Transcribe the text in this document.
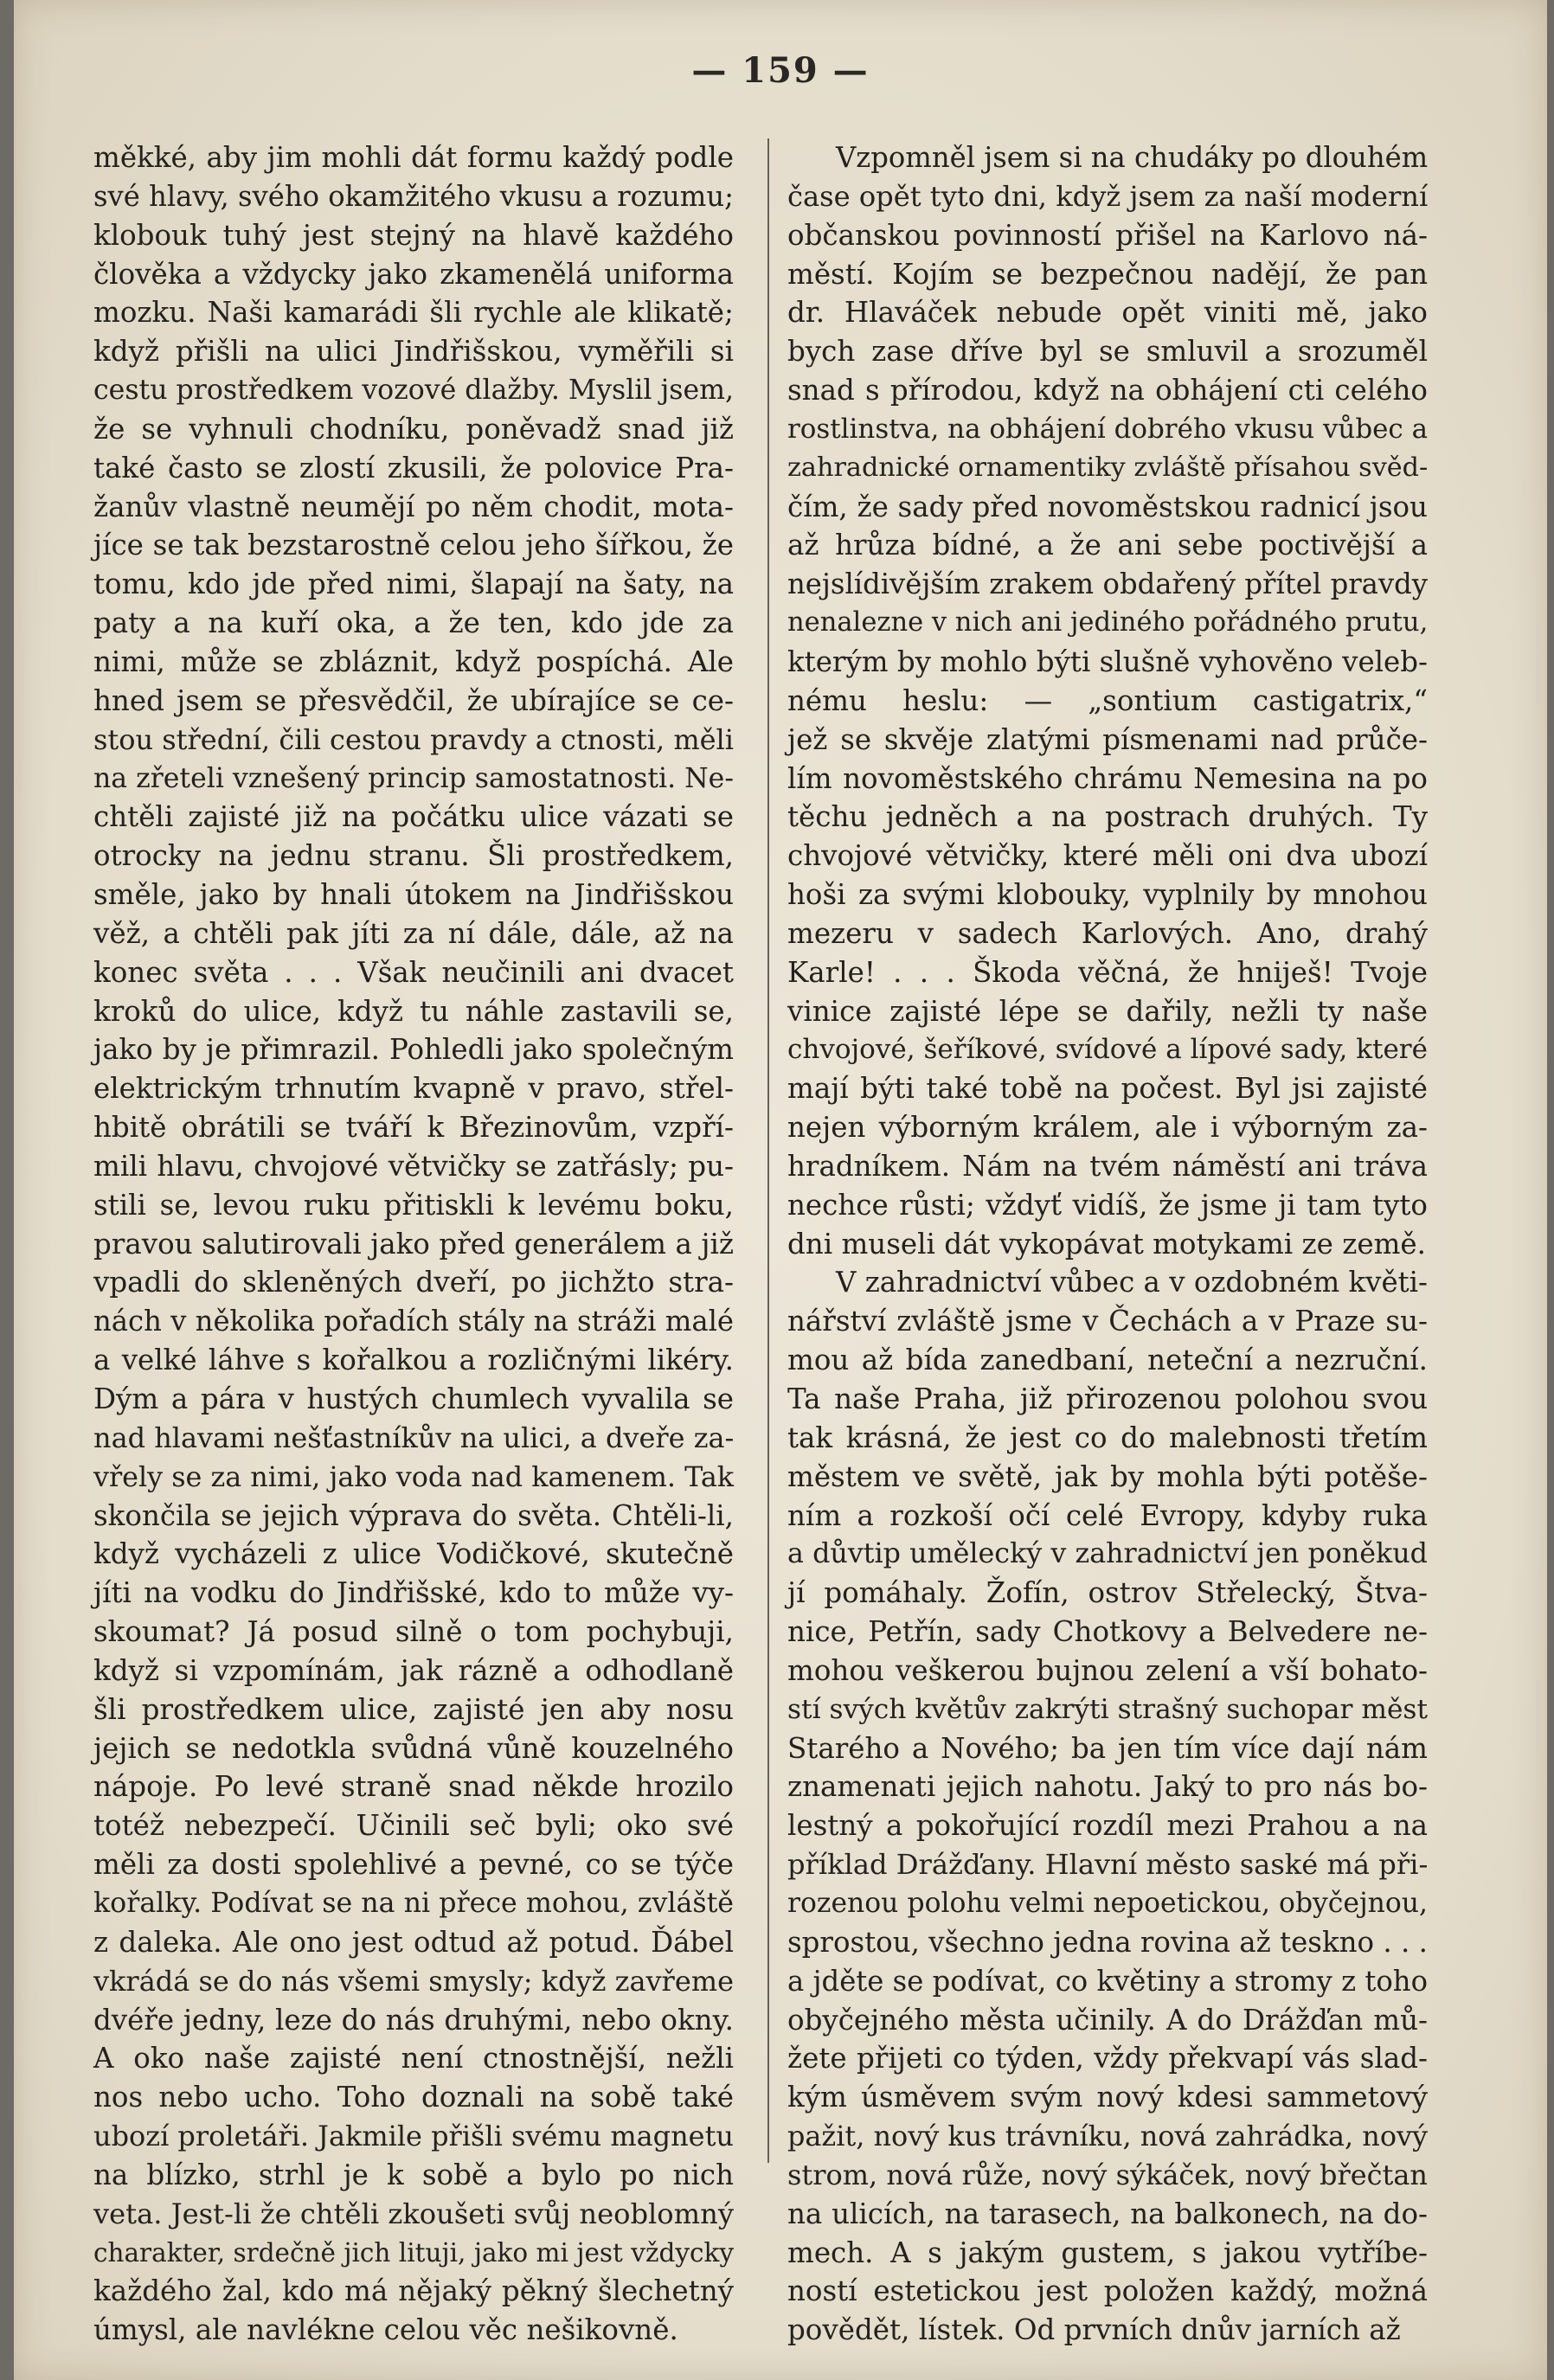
— 159 —
měkké, aby jim mohli dát formu každý podle
své hlavy, svého okamžitého vkusu a rozumu;
klobouk tuhý jest stejný na hlavě každého
člověka a vždycky jako zkamenělá uniforma
mozku. Naši kamarádi šli rychle ale klikatě;
když přišli na ulici Jindřišskou, vyměřili si
cestu prostředkem vozové dlažby. Myslil jsem,
že se vyhnuli chodníku, poněvadž snad již
také často se zlostí zkusili, že polovice Pra-
žanův vlastně neumějí po něm chodit, mota-
jíce se tak bezstarostně celou jeho šířkou, že
tomu, kdo jde před nimi, šlapají na šaty, na
paty a na kuří oka, a že ten, kdo jde za
nimi, může se zbláznit, když pospíchá. Ale
hned jsem se přesvědčil, že ubírajíce se ce-
stou střední, čili cestou pravdy a ctnosti, měli
na zřeteli vznešený princip samostatnosti. Ne-
chtěli zajisté již na počátku ulice vázati se
otrocky na jednu stranu. Šli prostředkem,
směle, jako by hnali útokem na Jindřišskou
věž, a chtěli pak jíti za ní dále, dále, až na
konec světa . . . Však neučinili ani dvacet
kroků do ulice, když tu náhle zastavili se,
jako by je přimrazil. Pohledli jako společným
elektrickým trhnutím kvapně v pravo, střel-
hbitě obrátili se tváří k Březinovům, vzpří-
mili hlavu, chvojové větvičky se zatřásly; pu-
stili se, levou ruku přitiskli k levému boku,
pravou salutirovali jako před generálem a již
vpadli do skleněných dveří, po jichžto stra-
nách v několika pořadích stály na stráži malé
a velké láhve s kořalkou a rozličnými likéry.
Dým a pára v hustých chumlech vyvalila se
nad hlavami nešťastníkův na ulici, a dveře za-
vřely se za nimi, jako voda nad kamenem. Tak
skončila se jejich výprava do světa. Chtěli-li,
když vycházeli z ulice Vodičkové, skutečně
jíti na vodku do Jindřišské, kdo to může vy-
skoumat? Já posud silně o tom pochybuji,
když si vzpomínám, jak rázně a odhodlaně
šli prostředkem ulice, zajisté jen aby nosu
jejich se nedotkla svůdná vůně kouzelného
nápoje. Po levé straně snad někde hrozilo
totéž nebezpečí. Učinili seč byli; oko své
měli za dosti spolehlivé a pevné, co se týče
kořalky. Podívat se na ni přece mohou, zvláště
z daleka. Ale ono jest odtud až potud. Ďábel
vkrádá se do nás všemi smysly; když zavřeme
dvéře jedny, leze do nás druhými, nebo okny.
A oko naše zajisté není ctnostnější, nežli
nos nebo ucho. Toho doznali na sobě také
ubozí proletáři. Jakmile přišli svému magnetu
na blízko, strhl je k sobě a bylo po nich
veta. Jest-li že chtěli zkoušeti svůj neoblomný
charakter, srdečně jich lituji, jako mi jest vždycky
každého žal, kdo má nějaký pěkný šlechetný
úmysl, ale navlékne celou věc nešikovně.
Vzpomněl jsem si na chudáky po dlouhém
čase opět tyto dni, když jsem za naší moderní
občanskou povinností přišel na Karlovo ná-
městí. Kojím se bezpečnou nadějí, že pan
dr. Hlaváček nebude opět viniti mě, jako
bych zase dříve byl se smluvil a srozuměl
snad s přírodou, když na obhájení cti celého
rostlinstva, na obhájení dobrého vkusu vůbec a
zahradnické ornamentiky zvláště přísahou svěd-
čím, že sady před novoměstskou radnicí jsou
až hrůza bídné, a že ani sebe poctivější a
nejslídivějším zrakem obdařený přítel pravdy
nenalezne v nich ani jediného pořádného prutu,
kterým by mohlo býti slušně vyhověno veleb-
nému heslu: — „sontium castigatrix,“
jež se skvěje zlatými písmenami nad průče-
lím novoměstského chrámu Nemesina na po
těchu jedněch a na postrach druhých. Ty
chvojové větvičky, které měli oni dva ubozí
hoši za svými klobouky, vyplnily by mnohou
mezeru v sadech Karlových. Ano, drahý
Karle! . . . Škoda věčná, že hniješ! Tvoje
vinice zajisté lépe se dařily, nežli ty naše
chvojové, šeříkové, svídové a lípové sady, které
mají býti také tobě na počest. Byl jsi zajisté
nejen výborným králem, ale i výborným za-
hradníkem. Nám na tvém náměstí ani tráva
nechce růsti; vždyť vidíš, že jsme ji tam tyto
dni museli dát vykopávat motykami ze země.
V zahradnictví vůbec a v ozdobném květi-
nářství zvláště jsme v Čechách a v Praze su-
mou až bída zanedbaní, neteční a nezruční.
Ta naše Praha, již přirozenou polohou svou
tak krásná, že jest co do malebnosti třetím
městem ve světě, jak by mohla býti potěše-
ním a rozkoší očí celé Evropy, kdyby ruka
a důvtip umělecký v zahradnictví jen poněkud
jí pomáhaly. Žofín, ostrov Střelecký, Štva-
nice, Petřín, sady Chotkovy a Belvedere ne-
mohou veškerou bujnou zelení a vší bohato-
stí svých květův zakrýti strašný suchopar měst
Starého a Nového; ba jen tím více dají nám
znamenati jejich nahotu. Jaký to pro nás bo-
lestný a pokořující rozdíl mezi Prahou a na
příklad Drážďany. Hlavní město saské má při-
rozenou polohu velmi nepoetickou, obyčejnou,
sprostou, všechno jedna rovina až teskno . . .
a jděte se podívat, co květiny a stromy z toho
obyčejného města učinily. A do Drážďan mů-
žete přijeti co týden, vždy překvapí vás slad-
kým úsměvem svým nový kdesi sammetový
pažit, nový kus trávníku, nová zahrádka, nový
strom, nová růže, nový sýkáček, nový břečtan
na ulicích, na tarasech, na balkonech, na do-
mech. A s jakým gustem, s jakou vytříbe-
ností estetickou jest položen každý, možná
povědět, lístek. Od prvních dnův jarních až
